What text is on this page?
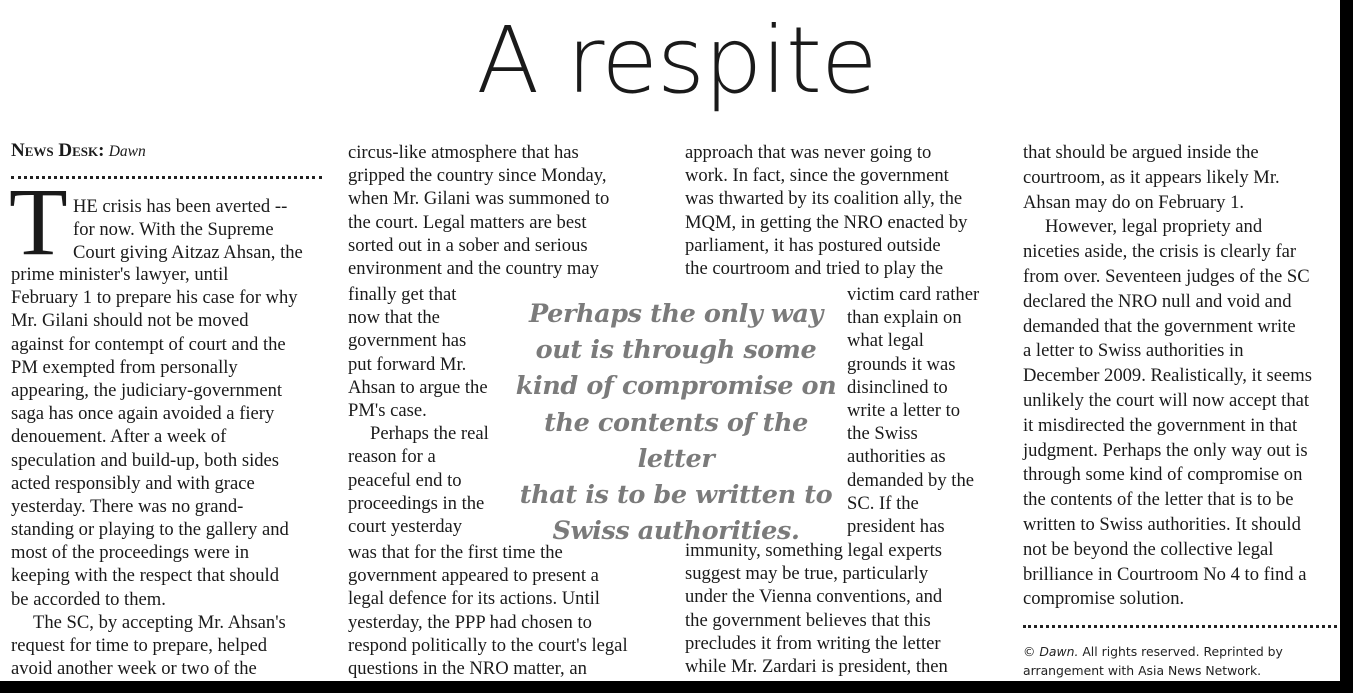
A respite
News Desk: Dawn
T HE crisis has been averted --
for now. With the Supreme
Court giving Aitzaz Ahsan, the
prime minister's lawyer, until
February 1 to prepare his case for why
Mr. Gilani should not be moved
against for contempt of court and the
PM exempted from personally
appearing, the judiciary-government
saga has once again avoided a fiery
denouement. After a week of
speculation and build-up, both sides
acted responsibly and with grace
yesterday. There was no grand-
standing or playing to the gallery and
most of the proceedings were in
keeping with the respect that should
be accorded to them.
The SC, by accepting Mr. Ahsan's
request for time to prepare, helped
avoid another week or two of the
circus-like atmosphere that has
gripped the country since Monday,
when Mr. Gilani was summoned to
the court. Legal matters are best
sorted out in a sober and serious
environment and the country may
finally get that
now that the
government has
put forward Mr.
Ahsan to argue the
PM's case.
Perhaps the real
reason for a
peaceful end to
proceedings in the
court yesterday
was that for the first time the
government appeared to present a
legal defence for its actions. Until
yesterday, the PPP had chosen to
respond politically to the court's legal
questions in the NRO matter, an
Perhaps the only way
out is through some
kind of compromise on
the contents of the letter
that is to be written to
Swiss authorities.
approach that was never going to
work. In fact, since the government
was thwarted by its coalition ally, the
MQM, in getting the NRO enacted by
parliament, it has postured outside
the courtroom and tried to play the
victim card rather
than explain on
what legal
grounds it was
disinclined to
write a letter to
the Swiss
authorities as
demanded by the
SC. If the
president has
immunity, something legal experts
suggest may be true, particularly
under the Vienna conventions, and
the government believes that this
precludes it from writing the letter
while Mr. Zardari is president, then
that should be argued inside the
courtroom, as it appears likely Mr.
Ahsan may do on February 1.
However, legal propriety and
niceties aside, the crisis is clearly far
from over. Seventeen judges of the SC
declared the NRO null and void and
demanded that the government write
a letter to Swiss authorities in
December 2009. Realistically, it seems
unlikely the court will now accept that
it misdirected the government in that
judgment. Perhaps the only way out is
through some kind of compromise on
the contents of the letter that is to be
written to Swiss authorities. It should
not be beyond the collective legal
brilliance in Courtroom No 4 to find a
compromise solution.
© Dawn. All rights reserved. Reprinted by
arrangement with Asia News Network.
